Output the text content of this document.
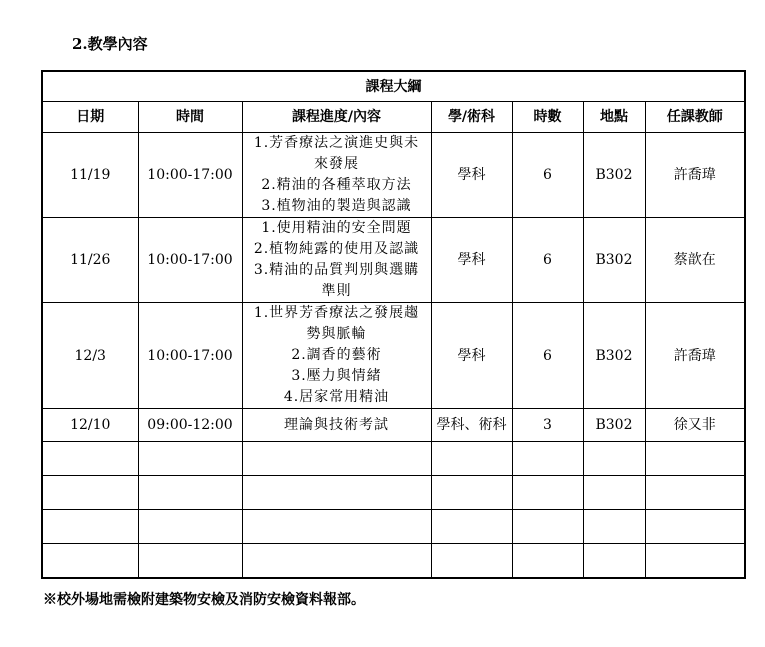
2.教學內容
課程大綱						
日期	時間	課程進度/內容	學/術科	時數	地點	任課教師
11/19	10:00-17:00	1.芳香療法之演進史與未
來發展
2.精油的各種萃取方法
3.植物油的製造與認識	學科	6	B302	許喬瑋
11/26	10:00-17:00	1.使用精油的安全問題
2.植物純露的使用及認識
3.精油的品質判別與選購
準則	學科	6	B302	蔡歆在
12/3	10:00-17:00	1.世界芳香療法之發展趨
勢與脈輪
2.調香的藝術
3.壓力與情緒
4.居家常用精油	學科	6	B302	許喬瑋
12/10	09:00-12:00	理論與技術考試	學科、術科	3	B302	徐又非

※校外場地需檢附建築物安檢及消防安檢資料報部。
